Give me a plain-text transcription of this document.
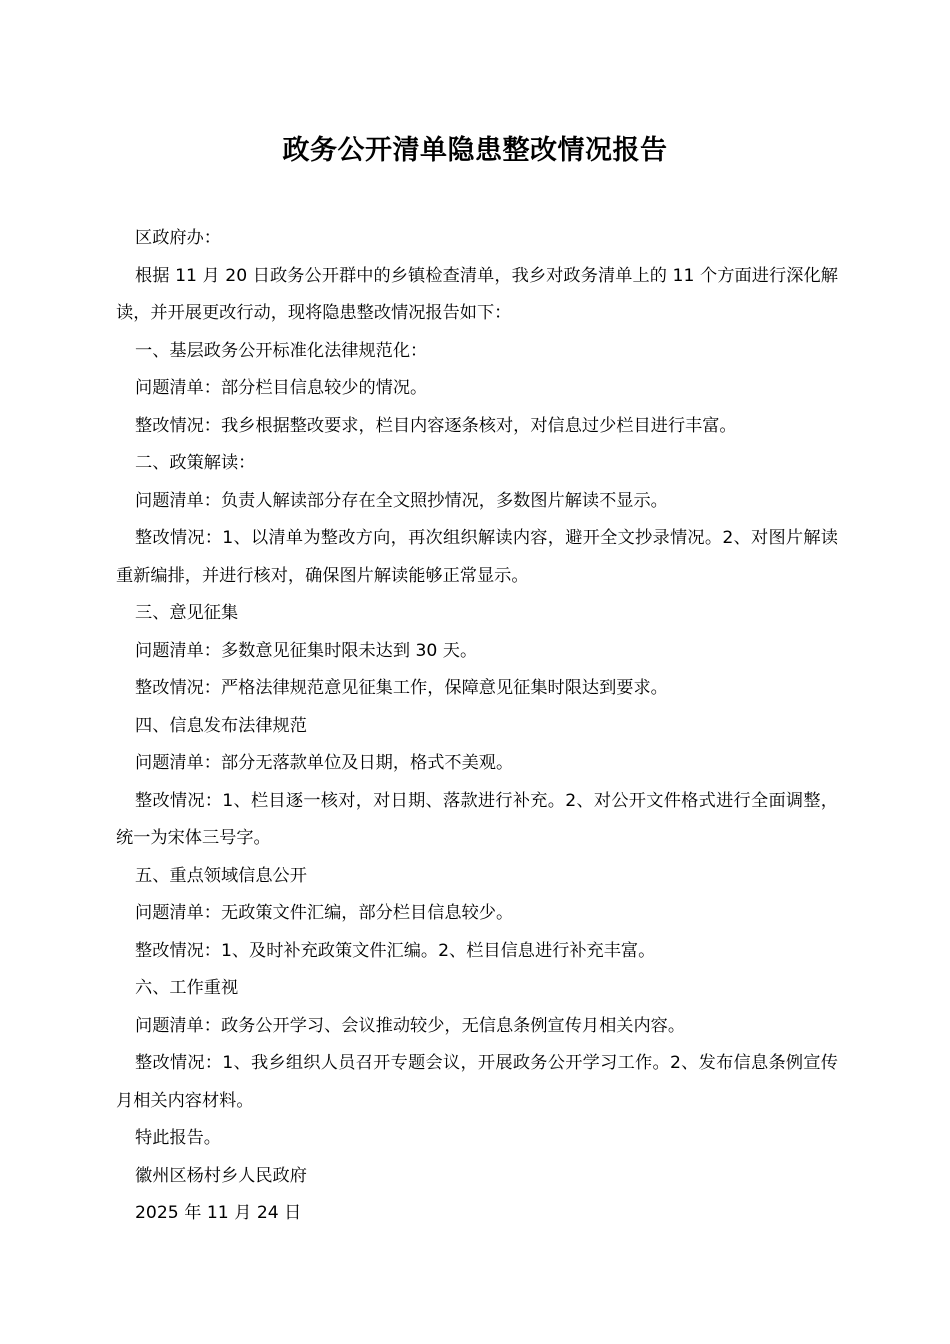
政务公开清单隐患整改情况报告

区政府办：

根据 11 月 20 日政务公开群中的乡镇检查清单，我乡对政务清单上的 11 个方面进行深化解读，并开展更改行动，现将隐患整改情况报告如下：

一、基层政务公开标准化法律规范化：

问题清单：部分栏目信息较少的情况。

整改情况：我乡根据整改要求，栏目内容逐条核对，对信息过少栏目进行丰富。

二、政策解读：

问题清单：负责人解读部分存在全文照抄情况，多数图片解读不显示。

整改情况：1、以清单为整改方向，再次组织解读内容，避开全文抄录情况。2、对图片解读重新编排，并进行核对，确保图片解读能够正常显示。

三、意见征集

问题清单：多数意见征集时限未达到 30 天。

整改情况：严格法律规范意见征集工作，保障意见征集时限达到要求。

四、信息发布法律规范

问题清单：部分无落款单位及日期，格式不美观。

整改情况：1、栏目逐一核对，对日期、落款进行补充。2、对公开文件格式进行全面调整，统一为宋体三号字。

五、重点领域信息公开

问题清单：无政策文件汇编，部分栏目信息较少。

整改情况：1、及时补充政策文件汇编。2、栏目信息进行补充丰富。

六、工作重视

问题清单：政务公开学习、会议推动较少，无信息条例宣传月相关内容。

整改情况：1、我乡组织人员召开专题会议，开展政务公开学习工作。2、发布信息条例宣传月相关内容材料。

特此报告。

徽州区杨村乡人民政府

2025 年 11 月 24 日
